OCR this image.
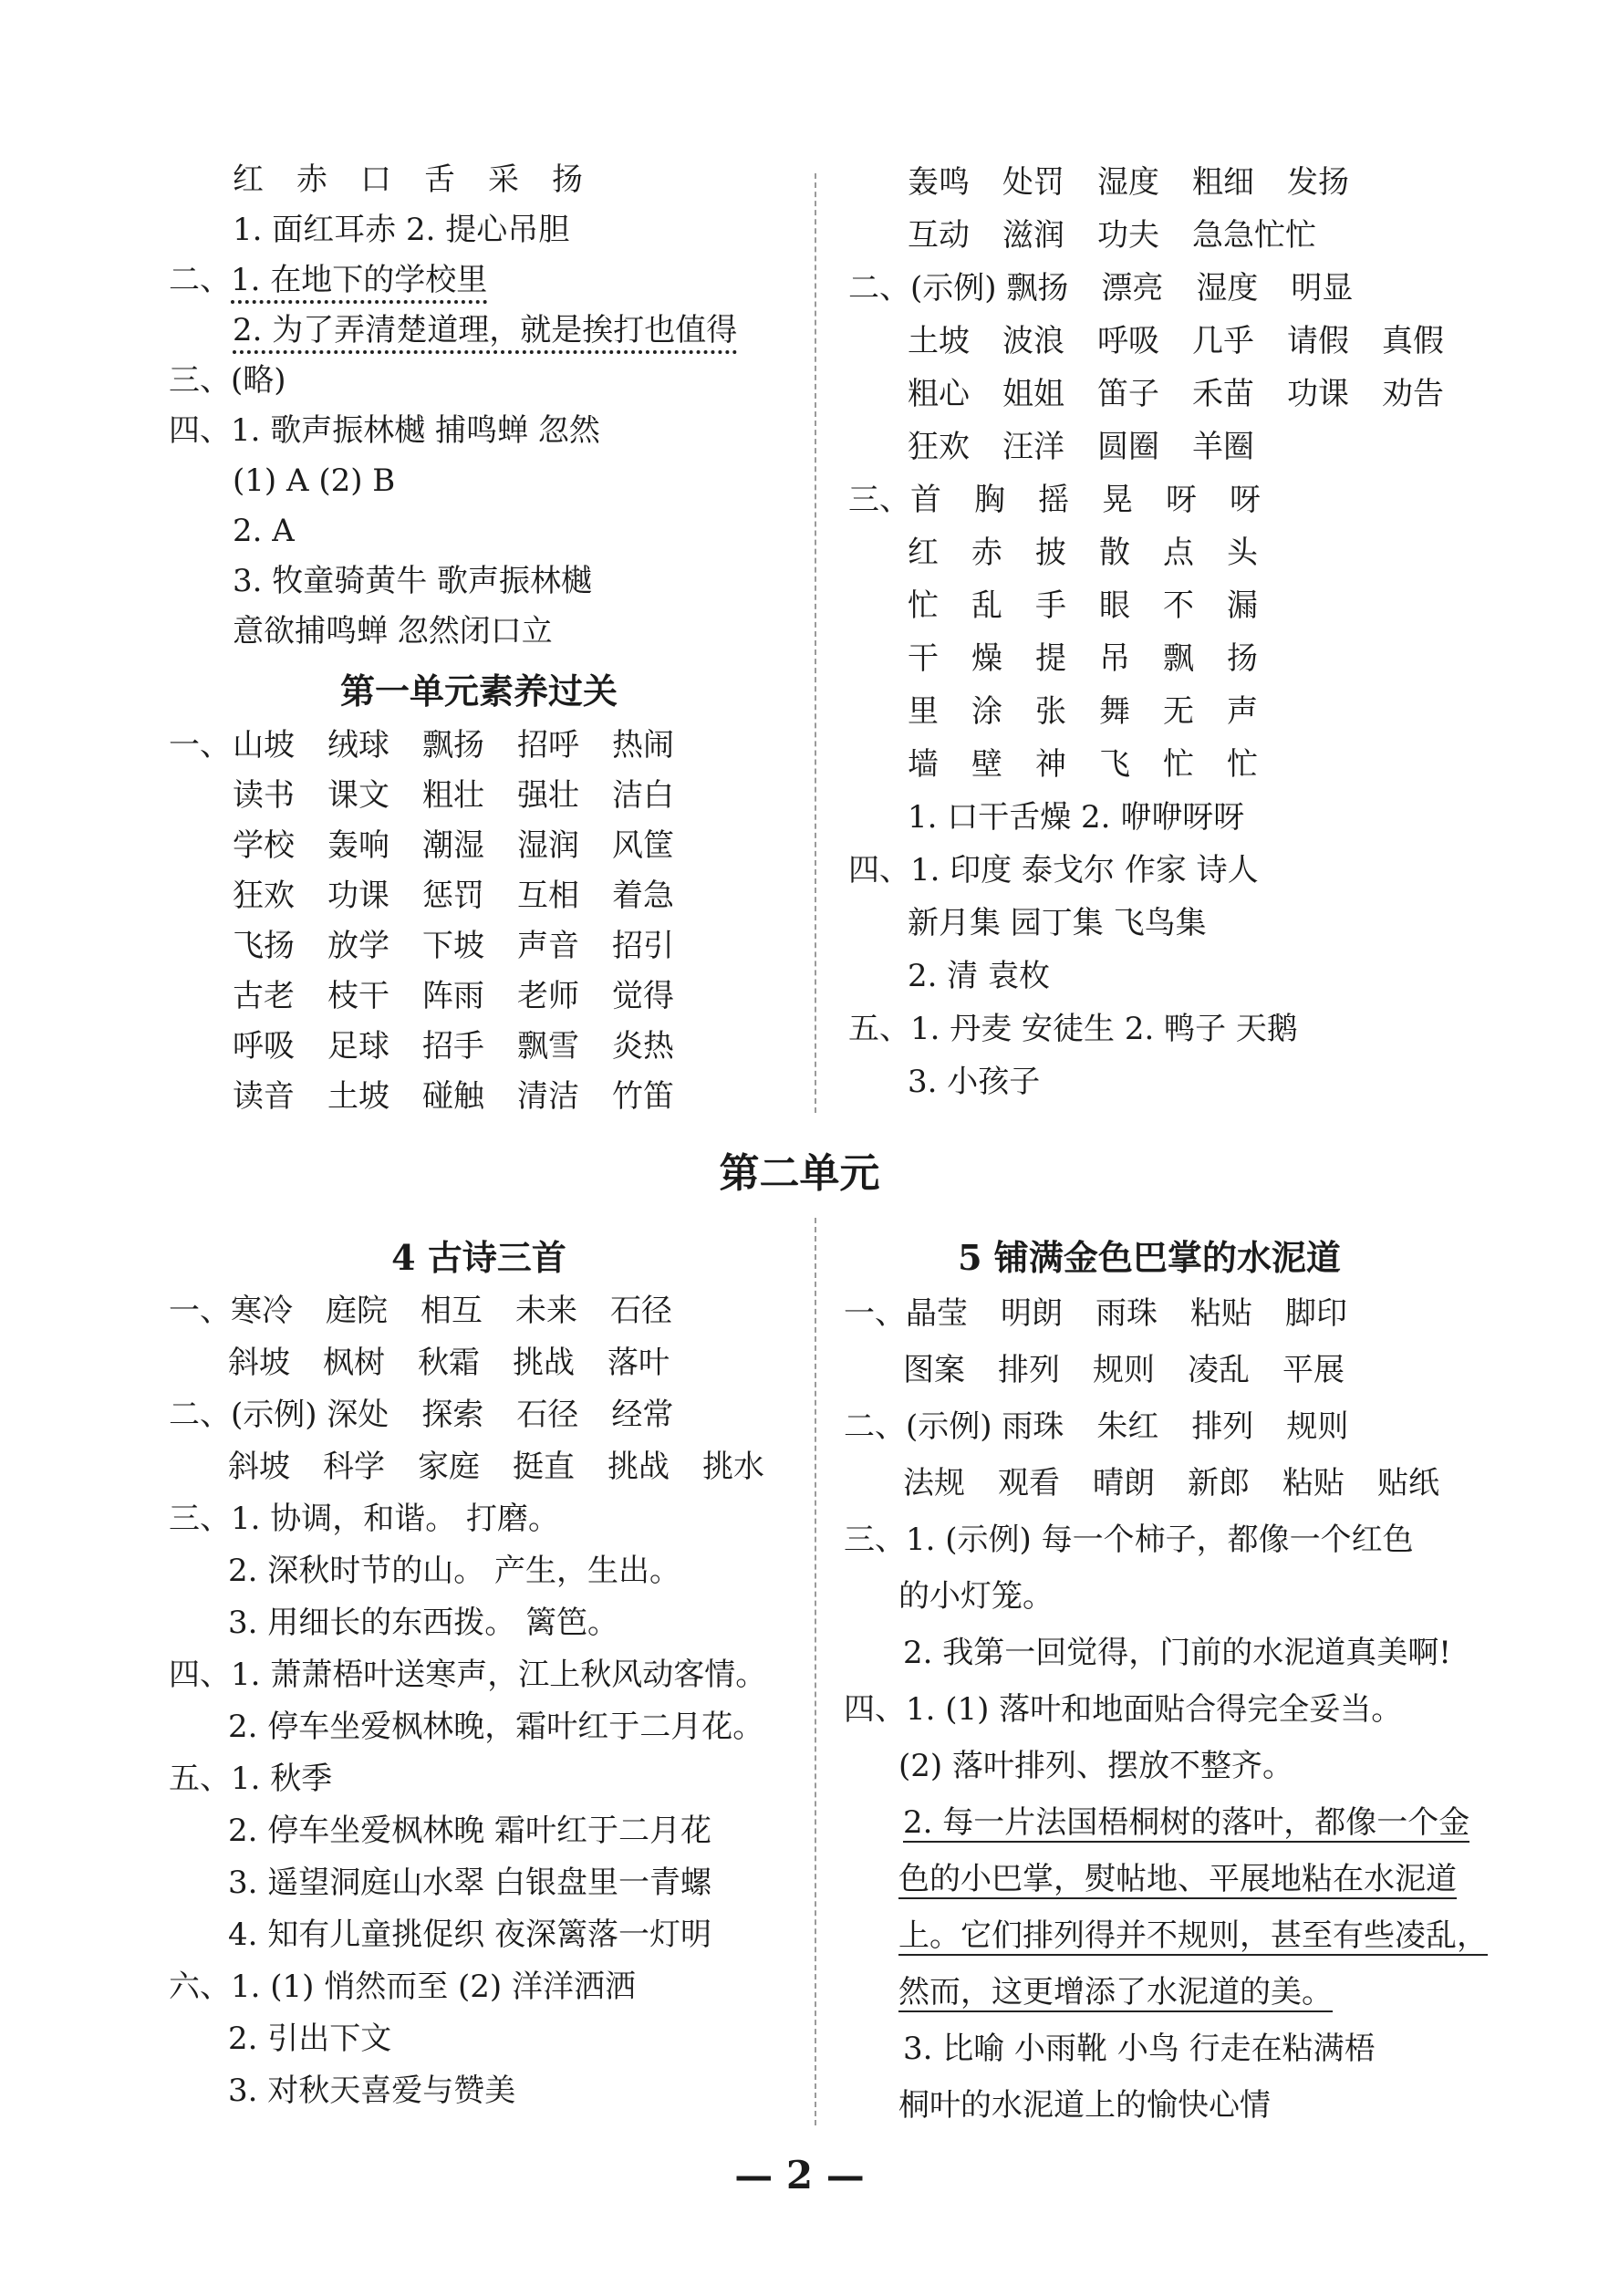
红 赤 口 舌 采 扬
1. 面红耳赤 2. 提心吊胆
二、1. 在地下的学校里
2. 为了弄清楚道理，就是挨打也值得
三、(略)
四、1. 歌声振林樾 捕鸣蝉 忽然
(1) A (2) B
2. A
3. 牧童骑黄牛 歌声振林樾
意欲捕鸣蝉 忽然闭口立
第一单元素养过关
一、 山坡 绒球 飘扬 招呼 热闹
读书 课文 粗壮 强壮 洁白
学校 轰响 潮湿 湿润 风筐
狂欢 功课 惩罚 互相 着急
飞扬 放学 下坡 声音 招引
古老 枝干 阵雨 老师 觉得
呼吸 足球 招手 飘雪 炎热
读音 土坡 碰触 清洁 竹笛
轰鸣 处罚 湿度 粗细 发扬
互动 滋润 功夫 急急忙忙
二、(示例) 飘扬 漂亮 湿度 明显
土坡 波浪 呼吸 几乎 请假 真假
粗心 姐姐 笛子 禾苗 功课 劝告
狂欢 汪洋 圆圈 羊圈
三、首 胸 摇 晃 呀 呀
红 赤 披 散 点 头
忙 乱 手 眼 不 漏
干 燥 提 吊 飘 扬
里 涂 张 舞 无 声
墙 壁 神 飞 忙 忙
1. 口干舌燥 2. 咿咿呀呀
四、1. 印度 泰戈尔 作家 诗人
新月集 园丁集 飞鸟集
2. 清 袁枚
五、1. 丹麦 安徒生 2. 鸭子 天鹅
3. 小孩子
第二单元
4 古诗三首
一、寒冷 庭院 相互 未来 石径
斜坡 枫树 秋霜 挑战 落叶
二、(示例) 深处 探索 石径 经常
斜坡 科学 家庭 挺直 挑战 挑水
三、1. 协调，和谐。 打磨。
2. 深秋时节的山。 产生，生出。
3. 用细长的东西拨。 篱笆。
四、1. 萧萧梧叶送寒声，江上秋风动客情。
2. 停车坐爱枫林晚，霜叶红于二月花。
五、1. 秋季
2. 停车坐爱枫林晚 霜叶红于二月花
3. 遥望洞庭山水翠 白银盘里一青螺
4. 知有儿童挑促织 夜深篱落一灯明
六、1. (1) 悄然而至 (2) 洋洋洒洒
2. 引出下文
3. 对秋天喜爱与赞美
5 铺满金色巴掌的水泥道
一、晶莹 明朗 雨珠 粘贴 脚印
图案 排列 规则 凌乱 平展
二、(示例) 雨珠 朱红 排列 规则
法规 观看 晴朗 新郎 粘贴 贴纸
三、1. (示例) 每一个柿子，都像一个红色
的小灯笼。
2. 我第一回觉得，门前的水泥道真美啊!
四、1. (1) 落叶和地面贴合得完全妥当。
(2) 落叶排列、摆放不整齐。
2. 每一片法国梧桐树的落叶，都像一个金
色的小巴掌，熨帖地、平展地粘在水泥道
上。它们排列得并不规则，甚至有些凌乱，
然而，这更增添了水泥道的美。
3. 比喻 小雨靴 小鸟 行走在粘满梧
桐叶的水泥道上的愉快心情
— 2 —
